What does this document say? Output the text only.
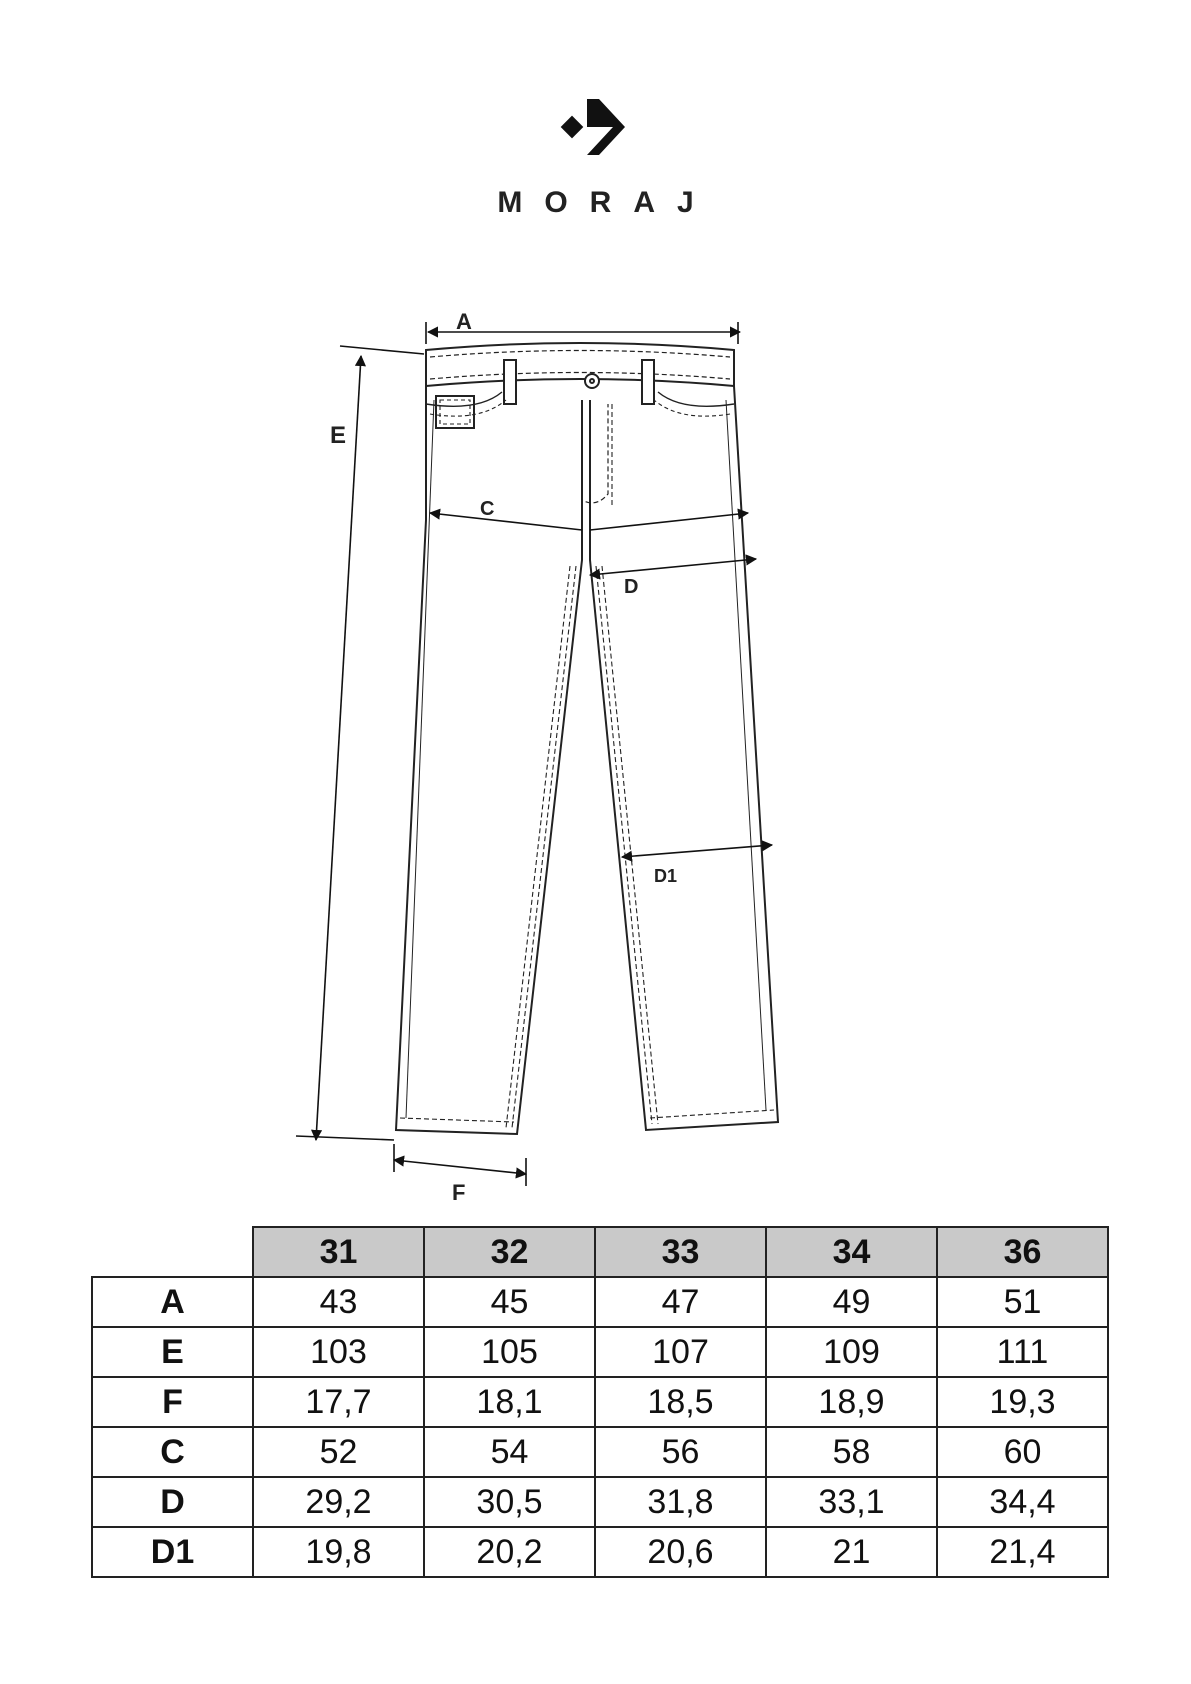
MORAJ
A
E
C
D
D1
F
	31	32	33	34	36
A	43	45	47	49	51
E	103	105	107	109	111
F	17,7	18,1	18,5	18,9	19,3
C	52	54	56	58	60
D	29,2	30,5	31,8	33,1	34,4
D1	19,8	20,2	20,6	21	21,4
